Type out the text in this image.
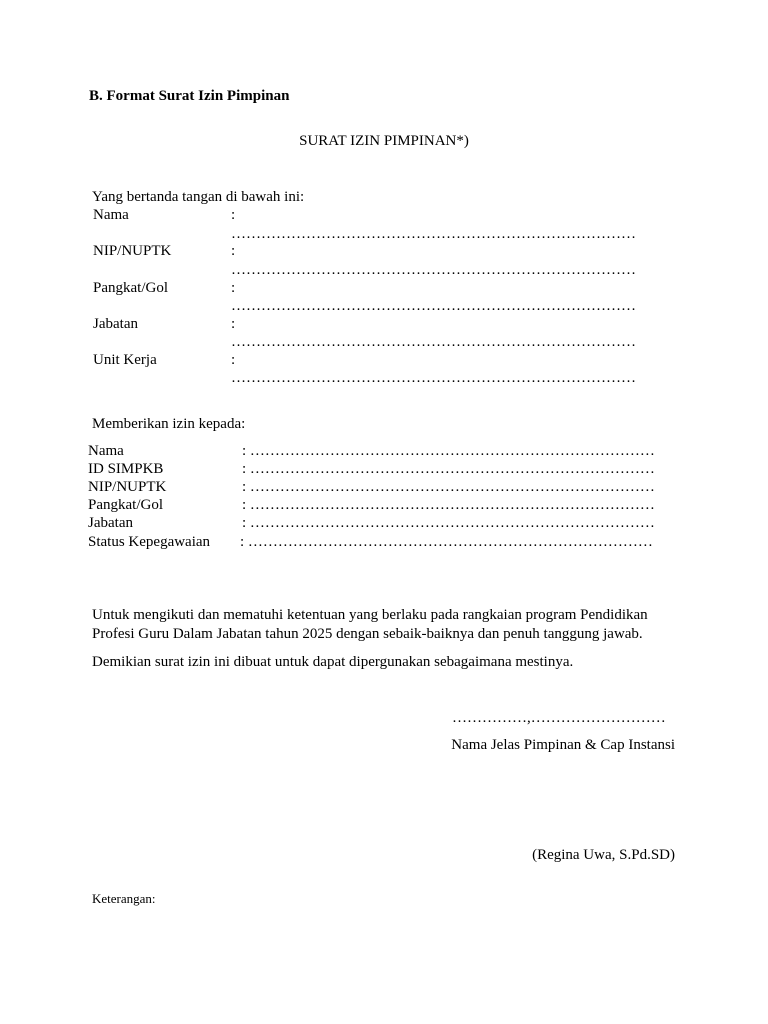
B. Format Surat Izin Pimpinan
SURAT IZIN PIMPINAN*)
Yang bertanda tangan di bawah ini:
Nama	:
………………………………………………………………………
NIP/NUPTK	:
………………………………………………………………………
Pangkat/Gol	:
………………………………………………………………………
Jabatan	:
………………………………………………………………………
Unit Kerja	:
………………………………………………………………………
Memberikan izin kepada:
Nama	: ………………………………………………………………………
ID SIMPKB	: ………………………………………………………………………
NIP/NUPTK	: ………………………………………………………………………
Pangkat/Gol	: ………………………………………………………………………
Jabatan	: ………………………………………………………………………
Status Kepegawaian : ………………………………………………………………………
Untuk mengikuti dan mematuhi ketentuan yang berlaku pada rangkaian program Pendidikan Profesi Guru Dalam Jabatan tahun 2025 dengan sebaik-baiknya dan penuh tanggung jawab.
Demikian surat izin ini dibuat untuk dapat dipergunakan sebagaimana mestinya.
……………,………………………
Nama Jelas Pimpinan & Cap Instansi
(Regina Uwa, S.Pd.SD)
Keterangan:
